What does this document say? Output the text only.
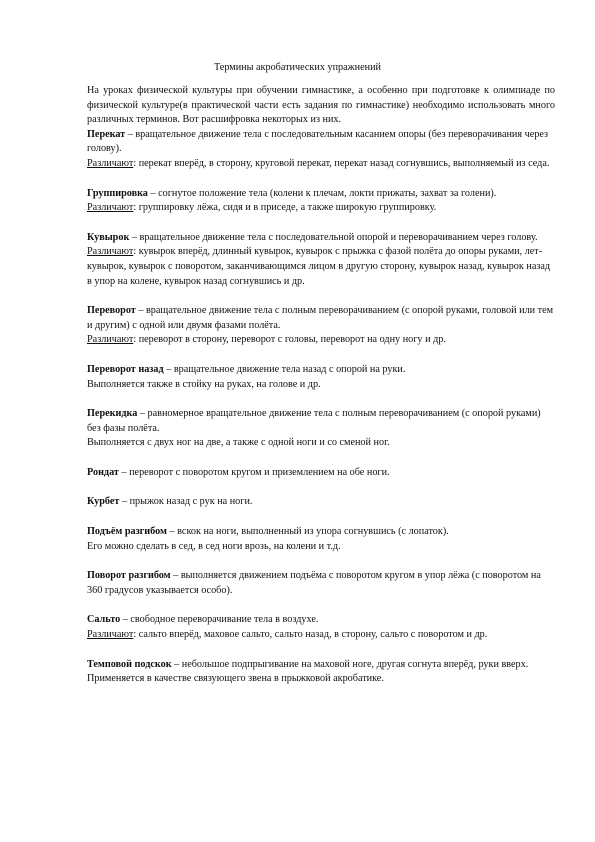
Термины акробатических упражнений

На уроках физической культуры при обучении гимнастике, а особенно при подготовке к олимпиаде по физической культуре(в практической части есть задания по гимнастике) необходимо использовать много различных терминов. Вот расшифровка некоторых из них.

Перекат – вращательное движение тела с последовательным касанием опоры (без переворачивания через голову).

Различают: перекат вперёд, в сторону, круговой перекат, перекат назад согнувшись, выполняемый из седа.

Группировка – согнутое положение тела (колени к плечам, локти прижаты, захват за голени).

Различают: группировку лёжа, сидя и в приседе, а также широкую группировку.

Кувырок – вращательное движение тела с последовательной опорой и переворачиванием через голову.

Различают: кувырок вперёд, длинный кувырок, кувырок с прыжка с фазой полёта до опоры руками, лет-кувырок, кувырок с поворотом, заканчивающимся лицом в другую сторону, кувырок назад, кувырок назад в упор на колене, кувырок назад согнувшись и др.

Переворот – вращательное движение тела с полным переворачиванием (с опорой руками, головой или тем и другим) с одной или двумя фазами полёта.

Различают: переворот в сторону, переворот с головы, переворот на одну ногу и др.

Переворот назад – вращательное движение тела назад с опорой на руки.

Выполняется также в стойку на руках, на голове и др.

Перекидка – равномерное вращательное движение тела с полным переворачиванием (с опорой руками) без фазы полёта.

Выполняется с двух ног на две, а также с одной ноги и со сменой ног.

Рондат – переворот с поворотом кругом и приземлением на обе ноги.

Курбет – прыжок назад с рук на ноги.

Подъём разгибом – вскок на ноги, выполненный из упора согнувшись (с лопаток).

Его можно сделать в сед, в сед ноги врозь, на колени и т.д.

Поворот разгибом – выполняется движением подъёма с поворотом кругом в упор лёжа (с поворотом на 360 градусов указывается особо).

Сальто – свободное переворачивание тела в воздухе.

Различают: сальто вперёд, маховое сальто, сальто назад, в сторону, сальто с поворотом и др.

Темповой подскок – небольшое подпрыгивание на маховой ноге, другая согнута вперёд, руки вверх.

Применяется в качестве связующего звена в прыжковой акробатике.
